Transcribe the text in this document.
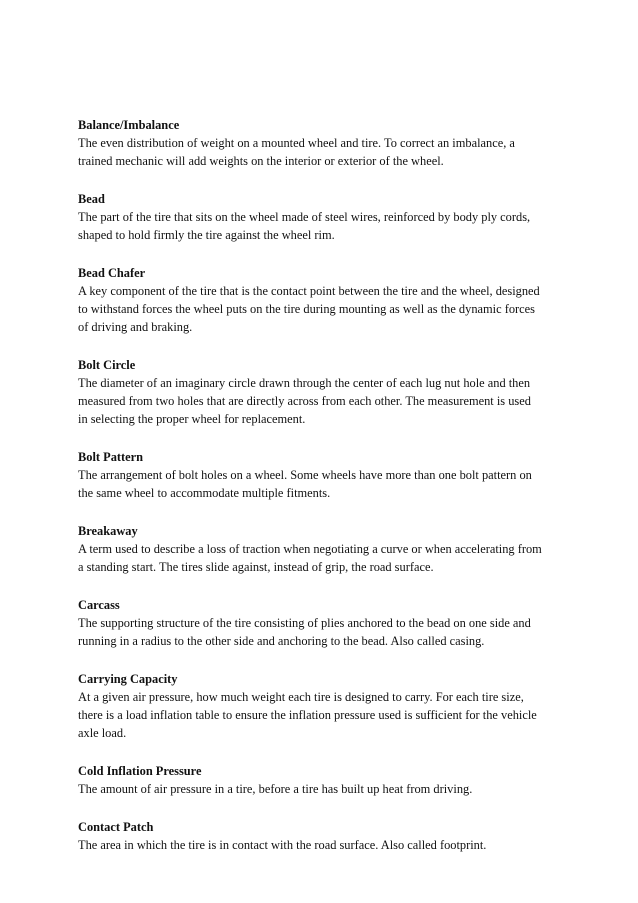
Balance/Imbalance

The even distribution of weight on a mounted wheel and tire. To correct an imbalance, a
trained mechanic will add weights on the interior or exterior of the wheel.

Bead

The part of the tire that sits on the wheel made of steel wires, reinforced by body ply cords,
shaped to hold firmly the tire against the wheel rim.

Bead Chafer

A key component of the tire that is the contact point between the tire and the wheel, designed
to withstand forces the wheel puts on the tire during mounting as well as the dynamic forces
of driving and braking.

Bolt Circle

The diameter of an imaginary circle drawn through the center of each lug nut hole and then
measured from two holes that are directly across from each other. The measurement is used
in selecting the proper wheel for replacement.

Bolt Pattern

The arrangement of bolt holes on a wheel. Some wheels have more than one bolt pattern on
the same wheel to accommodate multiple fitments.

Breakaway

A term used to describe a loss of traction when negotiating a curve or when accelerating from
a standing start. The tires slide against, instead of grip, the road surface.

Carcass

The supporting structure of the tire consisting of plies anchored to the bead on one side and
running in a radius to the other side and anchoring to the bead. Also called casing.

Carrying Capacity

At a given air pressure, how much weight each tire is designed to carry. For each tire size,
there is a load inflation table to ensure the inflation pressure used is sufficient for the vehicle
axle load.

Cold Inflation Pressure

The amount of air pressure in a tire, before a tire has built up heat from driving.

Contact Patch

The area in which the tire is in contact with the road surface. Also called footprint.
